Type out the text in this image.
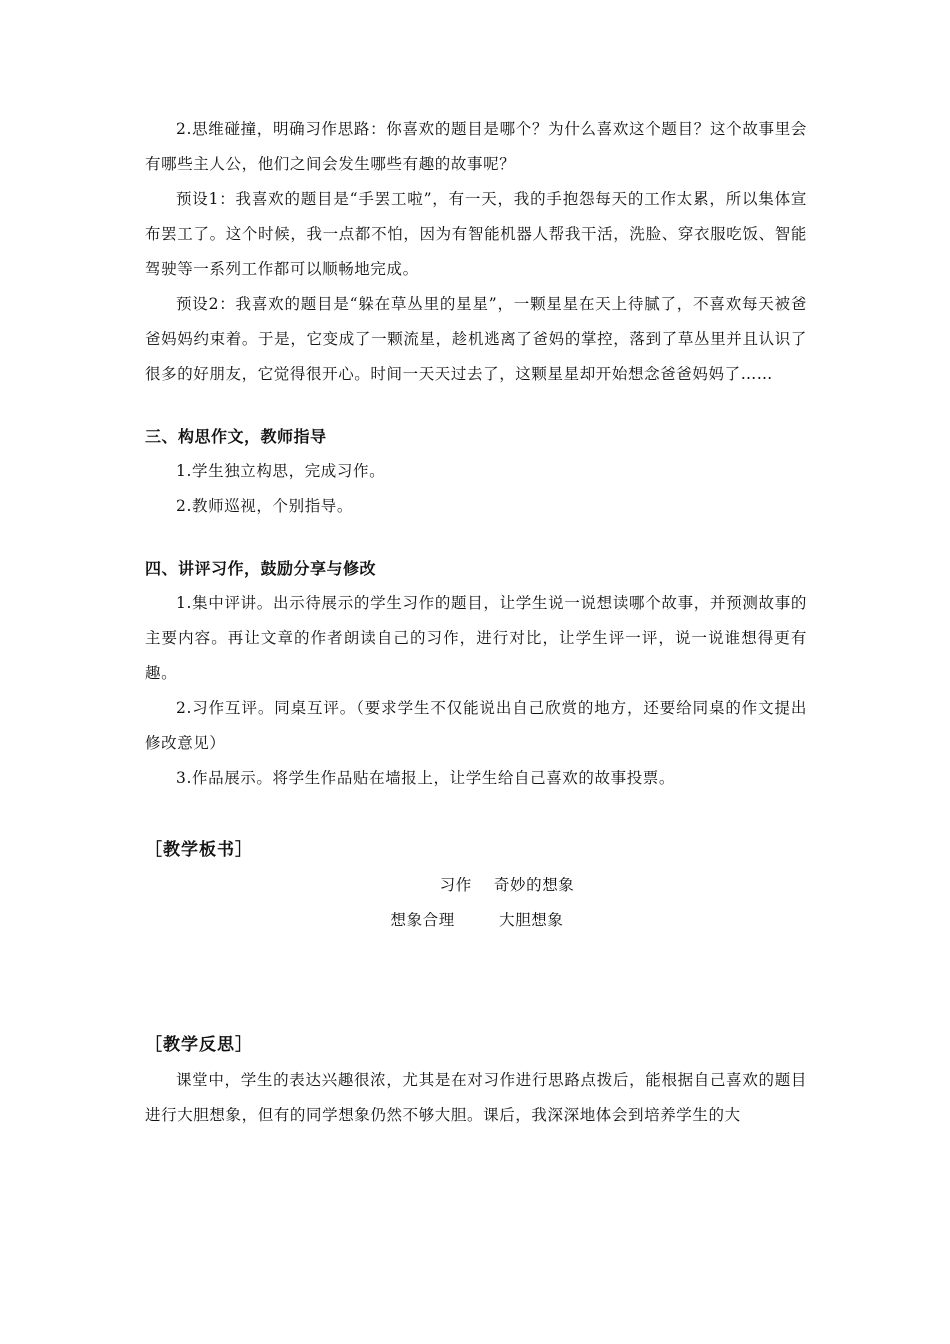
2.思维碰撞，明确习作思路：你喜欢的题目是哪个？为什么喜欢这个题目？这个故事里会有哪些主人公，他们之间会发生哪些有趣的故事呢？

预设1：我喜欢的题目是“手罢工啦”，有一天，我的手抱怨每天的工作太累，所以集体宣布罢工了。这个时候，我一点都不怕，因为有智能机器人帮我干活，洗脸、穿衣服吃饭、智能驾驶等一系列工作都可以顺畅地完成。

预设2：我喜欢的题目是“躲在草丛里的星星”，一颗星星在天上待腻了，不喜欢每天被爸爸妈妈约束着。于是，它变成了一颗流星，趁机逃离了爸妈的掌控，落到了草丛里并且认识了很多的好朋友，它觉得很开心。时间一天天过去了，这颗星星却开始想念爸爸妈妈了……

三、构思作文，教师指导

1.学生独立构思，完成习作。

2.教师巡视，个别指导。

四、讲评习作，鼓励分享与修改

1.集中评讲。出示待展示的学生习作的题目，让学生说一说想读哪个故事，并预测故事的主要内容。再让文章的作者朗读自己的习作，进行对比，让学生评一评，说一说谁想得更有趣。

2.习作互评。同桌互评。（要求学生不仅能说出自己欣赏的地方，还要给同桌的作文提出修改意见）

3.作品展示。将学生作品贴在墙报上，让学生给自己喜欢的故事投票。

［教学板书］

习作    奇妙的想象

想象合理        大胆想象

［教学反思］

课堂中，学生的表达兴趣很浓，尤其是在对习作进行思路点拨后，能根据自己喜欢的题目进行大胆想象，但有的同学想象仍然不够大胆。课后，我深深地体会到培养学生的大
